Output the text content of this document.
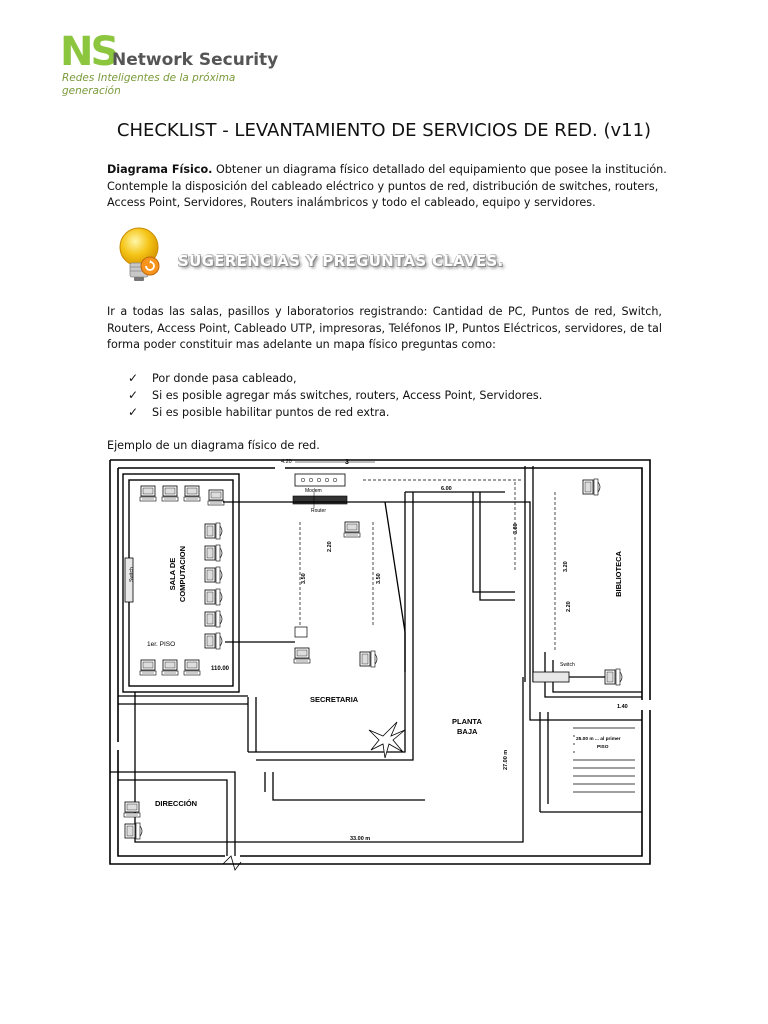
NS
Network Security
Redes Inteligentes de la próxima generación
CHECKLIST - LEVANTAMIENTO DE SERVICIOS DE RED. (v11)
Diagrama Físico. Obtener un diagrama físico detallado del equipamiento que posee la institución. Contemple la disposición del cableado eléctrico y puntos de red, distribución de switches, routers, Access Point, Servidores, Routers inalámbricos y todo el cableado, equipo y servidores.
SUGERENCIAS Y PREGUNTAS CLAVES.
Ir a todas las salas, pasillos y laboratorios registrando: Cantidad de PC, Puntos de red, Switch, Routers, Access Point, Cableado UTP, impresoras, Teléfonos IP, Puntos Eléctricos, servidores, de tal forma poder constituir mas adelante un mapa físico preguntas como:
✓ Por donde pasa cableado,
✓ Si es posible agregar más switches, routers, Access Point, Servidores.
✓ Si es posible habilitar puntos de red extra.
Ejemplo de un diagrama físico de red.
Switch	SALA DE COMPUTACION
1er. PISO
110.00
4.20	3
Modem
Router
6.00
3.50	3.50
2.20
3.80
3.20
2.20
SECRETARIA
PLANTA
BAJA
27.00 m
BIBLIOTECA
Switch
1.40
25.00 m ... al primer
PISO
DIRECCIÓN
33.00 m
